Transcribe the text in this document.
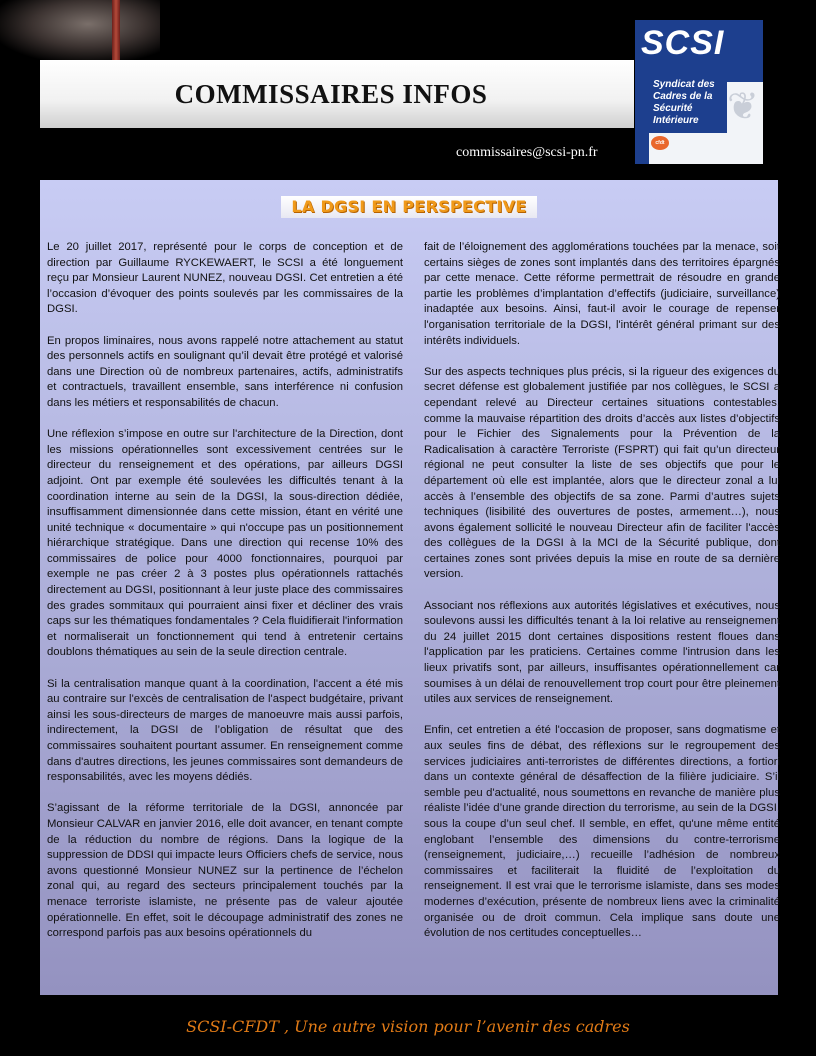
COMMISSAIRES INFOS
SCSI
Syndicat des
Cadres de la
Sécurité
Intérieure
cfdt
❦
commissaires@scsi-pn.fr
LA DGSI EN PERSPECTIVE

Le 20 juillet 2017, représenté pour le corps de conception et de direction par Guillaume RYCKEWAERT, le SCSI a été longuement reçu par Monsieur Laurent NUNEZ, nouveau DGSI. Cet entretien a été l’occasion d’évoquer des points soulevés par les commissaires de la DGSI.

En propos liminaires, nous avons rappelé notre attachement au statut des personnels actifs en soulignant qu’il devait être protégé et valorisé dans une Direction où de nombreux partenaires, actifs, administratifs et contractuels, travaillent ensemble, sans interférence ni confusion dans les métiers et responsabilités de chacun.

Une réflexion s’impose en outre sur l'architecture de la Direction, dont les missions opérationnelles sont excessivement centrées sur le directeur du renseignement et des opérations, par ailleurs DGSI adjoint. Ont par exemple été soulevées les difficultés tenant à la coordination interne au sein de la DGSI, la sous-direction dédiée, insuffisamment dimensionnée dans cette mission, étant en vérité une unité technique « documentaire » qui n'occupe pas un positionnement hiérarchique stratégique. Dans une direction qui recense 10% des commissaires de police pour 4000 fonctionnaires, pourquoi par exemple ne pas créer 2 à 3 postes plus opérationnels rattachés directement au DGSI, positionnant à leur juste place des commissaires des grades sommitaux qui pourraient ainsi fixer et décliner des vrais caps sur les thématiques fondamentales ? Cela fluidifierait l'information et normaliserait un fonctionnement qui tend à entretenir certains doublons thématiques au sein de la seule direction centrale.

Si la centralisation manque quant à la coordination, l'accent a été mis au contraire sur l'excès de centralisation de l'aspect budgétaire, privant ainsi les sous-directeurs de marges de manoeuvre mais aussi parfois, indirectement, la DGSI de l’obligation de résultat que des commissaires souhaitent pourtant assumer. En renseignement comme dans d'autres directions, les jeunes commissaires sont demandeurs de responsabilités, avec les moyens dédiés.

S’agissant de la réforme territoriale de la DGSI, annoncée par Monsieur CALVAR en janvier 2016, elle doit avancer, en tenant compte de la réduction du nombre de régions. Dans la logique de la suppression de DDSI qui impacte leurs Officiers chefs de service, nous avons questionné Monsieur NUNEZ sur la pertinence de l’échelon zonal qui, au regard des secteurs principalement touchés par la menace terroriste islamiste, ne présente pas de valeur ajoutée opérationnelle. En effet, soit le découpage administratif des zones ne correspond parfois pas aux besoins opérationnels du

fait de l’éloignement des agglomérations touchées par la menace, soit certains sièges de zones sont implantés dans des territoires épargnés par cette menace. Cette réforme permettrait de résoudre en grande partie les problèmes d’implantation d’effectifs (judiciaire, surveillance) inadaptée aux besoins. Ainsi, faut-il avoir le courage de repenser l'organisation territoriale de la DGSI, l'intérêt général primant sur des intérêts individuels.

Sur des aspects techniques plus précis, si la rigueur des exigences du secret défense est globalement justifiée par nos collègues, le SCSI a cependant relevé au Directeur certaines situations contestables, comme la mauvaise répartition des droits d’accès aux listes d’objectifs pour le Fichier des Signalements pour la Prévention de la Radicalisation à caractère Terroriste (FSPRT) qui fait qu’un directeur régional ne peut consulter la liste de ses objectifs que pour le département où elle est implantée, alors que le directeur zonal a lui accès à l’ensemble des objectifs de sa zone. Parmi d’autres sujets techniques (lisibilité des ouvertures de postes, armement…), nous avons également sollicité le nouveau Directeur afin de faciliter l'accès des collègues de la DGSI à la MCI de la Sécurité publique, dont certaines zones sont privées depuis la mise en route de sa dernière version.

Associant nos réflexions aux autorités législatives et exécutives, nous soulevons aussi les difficultés tenant à la loi relative au renseignement du 24 juillet 2015 dont certaines dispositions restent floues dans l'application par les praticiens. Certaines comme l'intrusion dans les lieux privatifs sont, par ailleurs, insuffisantes opérationnellement car soumises à un délai de renouvellement trop court pour être pleinement utiles aux services de renseignement.

Enfin, cet entretien a été l'occasion de proposer, sans dogmatisme et aux seules fins de débat, des réflexions sur le regroupement des services judiciaires anti-terroristes de différentes directions, a fortiori dans un contexte général de désaffection de la filière judiciaire. S’il semble peu d'actualité, nous soumettons en revanche de manière plus réaliste l’idée d’une grande direction du terrorisme, au sein de la DGSI, sous la coupe d’un seul chef. Il semble, en effet, qu'une même entité englobant l’ensemble des dimensions du contre-terrorisme (renseignement, judiciaire,…) recueille l’adhésion de nombreux commissaires et faciliterait la fluidité de l’exploitation du renseignement. Il est vrai que le terrorisme islamiste, dans ses modes modernes d’exécution, présente de nombreux liens avec la criminalité organisée ou de droit commun. Cela implique sans doute une évolution de nos certitudes conceptuelles…

SCSI-CFDT , Une autre vision pour l’avenir des cadres
